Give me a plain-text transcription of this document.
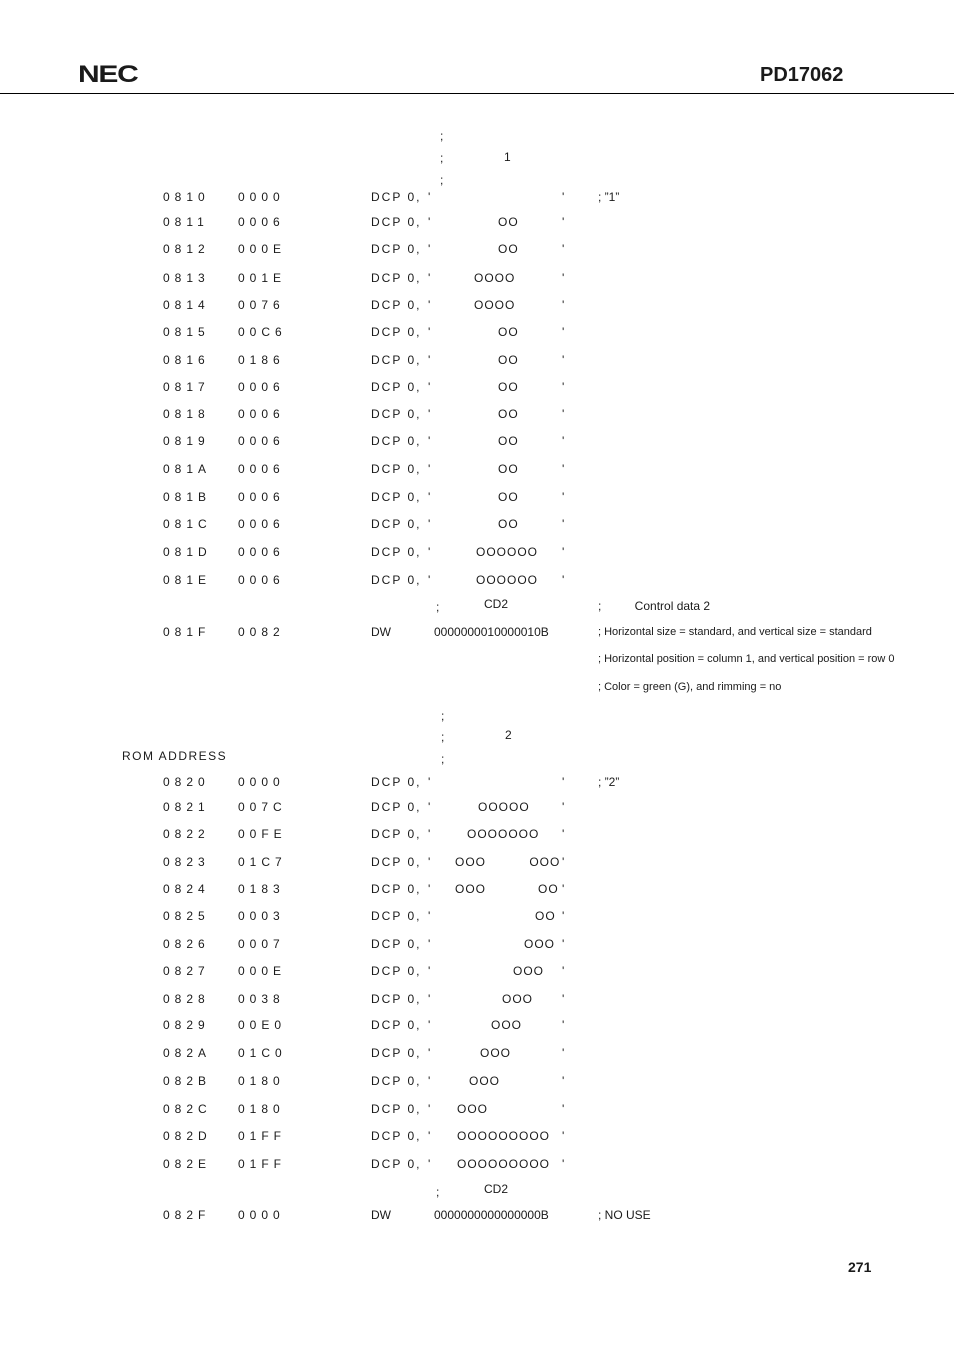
NEC	PD17062
;
;	1
;
0810 0000	DCP 0, '	'	; ”1”
0811 0006	DCP 0, '	OO	'
0812 000E	DCP 0, '	OO	'
0813 001E	DCP 0, '	OOOO	'
0814 0076	DCP 0, '	OOOO	'
0815 00C6	DCP 0, '	OO	'
0816 0186	DCP 0, '	OO	'
0817 0006	DCP 0, '	OO	'
0818 0006	DCP 0, '	OO	'
0819 0006	DCP 0, '	OO	'
081A 0006	DCP 0, '	OO	'
081B 0006	DCP 0, '	OO	'
081C 0006	DCP 0, '	OO	'
081D 0006	DCP 0, '	OOOOOO '
081E 0006	DCP 0, '	OOOOOO '
;	CD2	;          Control data 2
081F 0082	DW	0000000010000010B	; Horizontal size = standard, and vertical size = standard
; Horizontal position = column 1, and vertical position = row 0
; Color = green (G), and rimming = no
;
;	2
;
ROM ADDRESS
0820 0000	DCP 0, '	'	; ”2”
0821 007C	DCP 0, '	OOOOO	'
0822 00FE	DCP 0, '	OOOOOOO '
0823 01C7	DCP 0, ' OOO          OOO '
0824 0183	DCP 0, ' OOO            OO '
0825 0003	DCP 0, '	OO '
0826 0007	DCP 0, '	OOO '
0827 000E	DCP 0, '	OOO '
0828 0038	DCP 0, '	OOO '
0829 00E0	DCP 0, '	OOO	'
082A 01C0	DCP 0, '	OOO	'
082B 0180	DCP 0, '	OOO	'
082C 0180	DCP 0, ' OOO	'
082D 01FF	DCP 0, ' OOOOOOOOO '
082E 01FF	DCP 0, ' OOOOOOOOO '
;	CD2
082F 0000	DW	0000000000000000B	; NO USE
271
